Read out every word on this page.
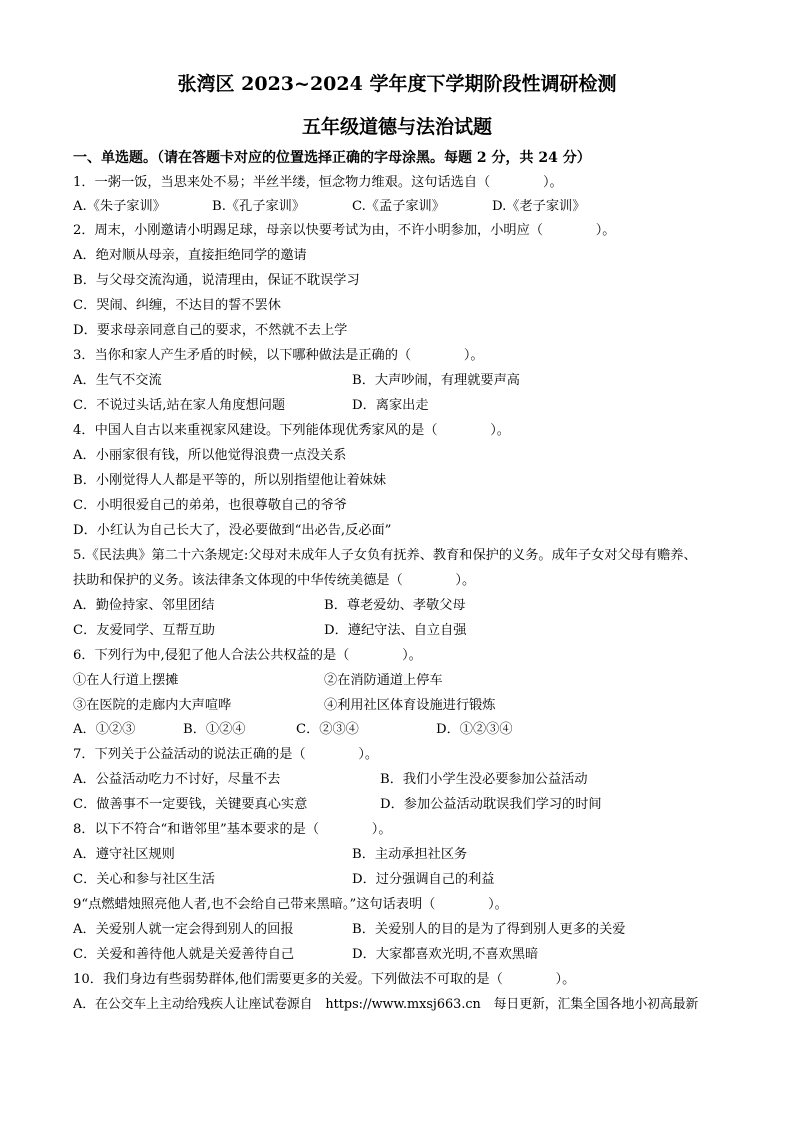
张湾区 2023~2024 学年度下学期阶段性调研检测
五年级道德与法治试题
一、单选题。（请在答题卡对应的位置选择正确的字母涂黑。每题 2 分，共 24 分）
1．一粥一饭，当思来处不易；半丝半缕，恒念物力维艰。这句话选自（　　　　）。
A.《朱子家训》	B.《孔子家训》	C.《孟子家训》	D.《老子家训》
2．周末，小刚邀请小明踢足球，母亲以快要考试为由，不许小明参加，小明应（　　　　）。
A．绝对顺从母亲，直接拒绝同学的邀请
B．与父母交流沟通，说清理由，保证不耽误学习
C．哭闹、纠缠，不达目的誓不罢休
D．要求母亲同意自己的要求，不然就不去上学
3．当你和家人产生矛盾的时候，以下哪种做法是正确的（　　　　）。
A．生气不交流	B．大声吵闹，有理就要声高
C．不说过头话,站在家人角度想问题	D．离家出走
4．中国人自古以来重视家风建设。下列能体现优秀家风的是（　　　　）。
A．小丽家很有钱，所以他觉得浪费一点没关系
B．小刚觉得人人都是平等的，所以别指望他让着妹妹
C．小明很爱自己的弟弟，也很尊敬自己的爷爷
D．小红认为自己长大了，没必要做到“出必告,反必面”
5.《民法典》第二十六条规定:父母对未成年人子女负有抚养、教育和保护的义务。成年子女对父母有赡养、
扶助和保护的义务。该法律条文体现的中华传统美德是（　　　　）。
A．勤俭持家、邻里团结	B．尊老爱幼、孝敬父母
C．友爱同学、互帮互助	D．遵纪守法、自立自强
6．下列行为中,侵犯了他人合法公共权益的是（　　　　）。
①在人行道上摆摊	②在消防通道上停车
③在医院的走廊内大声喧哗	④利用社区体育设施进行锻炼
A．①②③	B．①②④	C．②③④	D．①②③④
7．下列关于公益活动的说法正确的是（　　　　）。
A．公益活动吃力不讨好，尽量不去	B．我们小学生没必要参加公益活动
C．做善事不一定要钱，关键要真心实意	D．参加公益活动耽误我们学习的时间
8．以下不符合“和谐邻里”基本要求的是（　　　　）。
A．遵守社区规则	B．主动承担社区务
C．关心和参与社区生活	D．过分强调自己的利益
9“点燃蜡烛照亮他人者,也不会给自己带来黑暗。”这句话表明（　　　　）。
A．关爱别人就一定会得到别人的回报	B．关爱别人的目的是为了得到别人更多的关爱
C．关爱和善待他人就是关爱善待自己	D．大家都喜欢光明,不喜欢黑暗
10．我们身边有些弱势群体,他们需要更多的关爱。下列做法不可取的是（　　　　）。
A．在公交车上主动给残疾人让座试卷源自　https://www.mxsj663.cn　每日更新，汇集全国各地小初高最新
